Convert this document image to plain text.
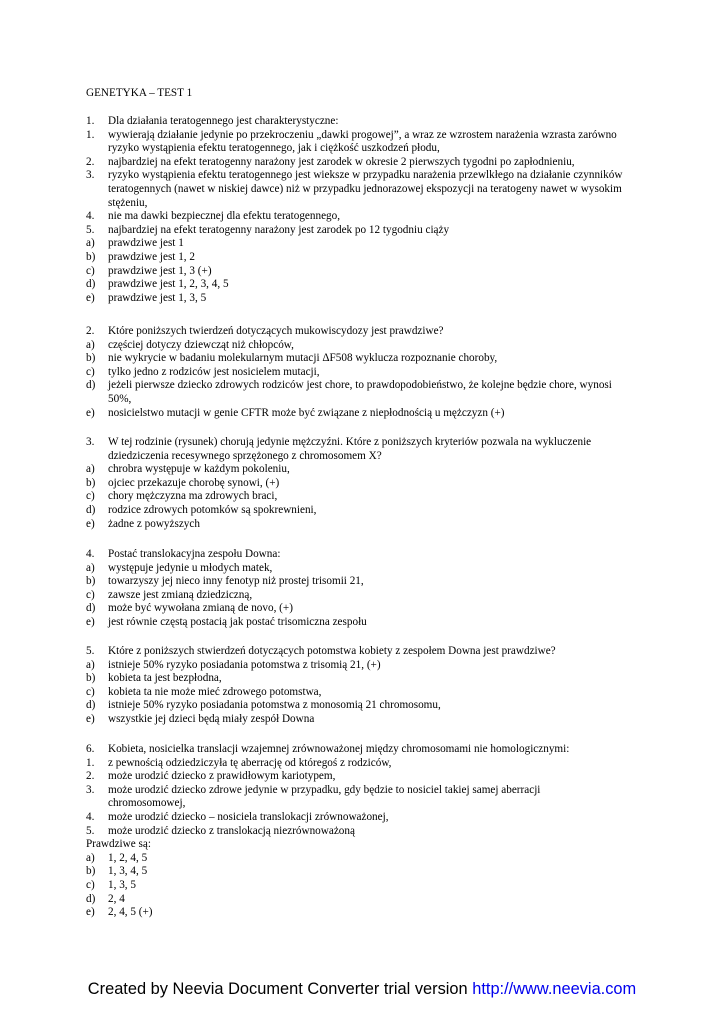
GENETYKA – TEST 1
1. Dla działania teratogennego jest charakterystyczne:
1. wywierają działanie jedynie po przekroczeniu „dawki progowej”, a wraz ze wzrostem narażenia wzrasta zarówno ryzyko wystąpienia efektu teratogennego, jak i ciężkość uszkodzeń płodu,
2. najbardziej na efekt teratogenny narażony jest zarodek w okresie 2 pierwszych tygodni po zapłodnieniu,
3. ryzyko wystąpienia efektu teratogennego jest wieksze w przypadku narażenia przewlkłego na działanie czynników teratogennych (nawet w niskiej dawce) niż w przypadku jednorazowej ekspozycji na teratogeny nawet w wysokim stężeniu,
4. nie ma dawki bezpiecznej dla efektu teratogennego,
5. najbardziej na efekt teratogenny narażony jest zarodek po 12 tygodniu ciąży
a) prawdziwe jest 1
b) prawdziwe jest 1, 2
c) prawdziwe jest 1, 3 (+)
d) prawdziwe jest 1, 2, 3, 4, 5
e) prawdziwe jest 1, 3, 5
2. Które poniższych twierdzeń dotyczących mukowiscydozy jest prawdziwe?
a) częściej dotyczy dziewcząt niż chłopców,
b) nie wykrycie w badaniu molekularnym mutacji ΔF508 wyklucza rozpoznanie choroby,
c) tylko jedno z rodziców jest nosicielem mutacji,
d) jeżeli pierwsze dziecko zdrowych rodziców jest chore, to prawdopodobieństwo, że kolejne będzie chore, wynosi 50%,
e) nosicielstwo mutacji w genie CFTR może być związane z niepłodnością u mężczyzn (+)
3. W tej rodzinie (rysunek) chorują jedynie mężczyźni. Które z poniższych kryteriów pozwala na wykluczenie dziedziczenia recesywnego sprzężonego z chromosomem X?
a) chrobra występuje w każdym pokoleniu,
b) ojciec przekazuje chorobę synowi, (+)
c) chory mężczyzna ma zdrowych braci,
d) rodzice zdrowych potomków są spokrewnieni,
e) żadne z powyższych
4. Postać translokacyjna zespołu Downa:
a) występuje jedynie u młodych matek,
b) towarzyszy jej nieco inny fenotyp niż prostej trisomii 21,
c) zawsze jest zmianą dziedziczną,
d) może być wywołana zmianą de novo, (+)
e) jest równie częstą postacią jak postać trisomiczna zespołu
5. Które z poniższych stwierdzeń dotyczących potomstwa kobiety z zespołem Downa jest prawdziwe?
a) istnieje 50% ryzyko posiadania potomstwa z trisomią 21, (+)
b) kobieta ta jest bezpłodna,
c) kobieta ta nie może mieć zdrowego potomstwa,
d) istnieje 50% ryzyko posiadania potomstwa z monosomią 21 chromosomu,
e) wszystkie jej dzieci będą miały zespół Downa
6. Kobieta, nosicielka translacji wzajemnej zrównoważonej między chromosomami nie homologicznymi:
1. z pewnością odziedziczyła tę aberrację od któregoś z rodziców,
2. może urodzić dziecko z prawidłowym kariotypem,
3. może urodzić dziecko zdrowe jedynie w przypadku, gdy będzie to nosiciel takiej samej aberracji chromosomowej,
4. może urodzić dziecko – nosiciela translokacji zrównoważonej,
5. może urodzić dziecko z translokacją niezrównoważoną
Prawdziwe są:
a) 1, 2, 4, 5
b) 1, 3, 4, 5
c) 1, 3, 5
d) 2, 4
e) 2, 4, 5 (+)
Created by Neevia Document Converter trial version http://www.neevia.com
